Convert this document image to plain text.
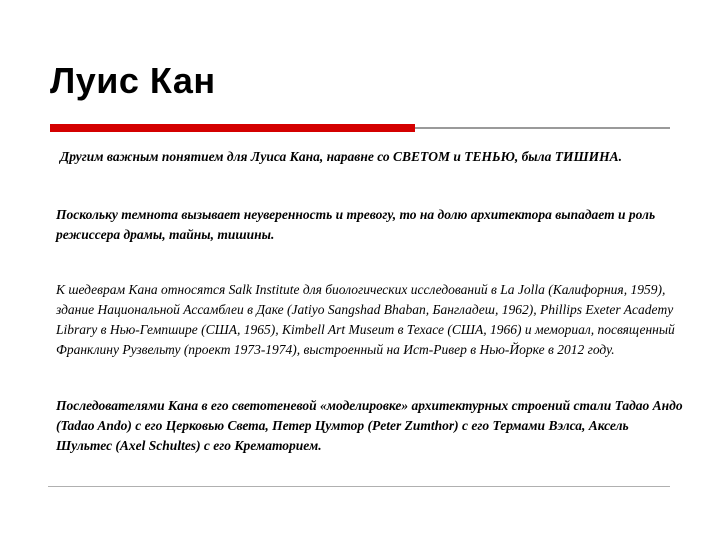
Луис Кан
Другим важным понятием для Луиса Кана, наравне со СВЕТОМ и ТЕНЬЮ, была ТИШИНА.
Поскольку темнота вызывает неуверенность и тревогу, то на долю архитектора выпадает и роль режиссера драмы, тайны, тишины.
К шедеврам Кана относятся Salk Institute для биологических исследований в La Jolla (Калифорния, 1959), здание Национальной Ассамблеи в Даке (Jatiyo Sangshad Bhaban, Бангладеш, 1962), Phillips Exeter Academy Library в Нью-Гемпшире (США, 1965), Kimbell Art Museum в Техасе (США, 1966) и мемориал, посвященный Франклину Рузвельту (проект 1973-1974), выстроенный на Ист-Ривер в Нью-Йорке в 2012 году.
Последователями Кана в его светотеневой «моделировке» архитектурных строений стали Тадао Андо (Tadao Ando) с его Церковью Света, Петер Цумтор (Peter Zumthor) с его Термами Вэлса, Аксель Шультес (Axel Schultes) с его Крематорием.
